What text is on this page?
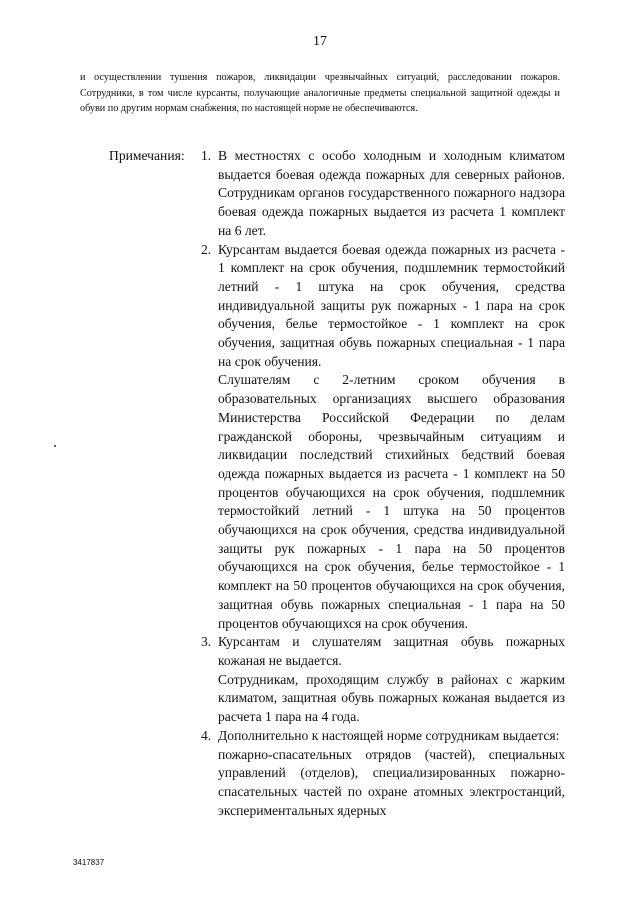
17

и осуществлении тушения пожаров, ликвидации чрезвычайных ситуаций, расследовании пожаров. Сотрудники, в том числе курсанты, получающие аналогичные предметы специальной защитной одежды и обуви по другим нормам снабжения, по настоящей норме не обеспечиваются.

Примечания: 1. В местностях с особо холодным и холодным климатом выдается боевая одежда пожарных для северных районов. Сотрудникам органов государственного пожарного надзора боевая одежда пожарных выдается из расчета 1 комплект на 6 лет.

2. Курсантам выдается боевая одежда пожарных из расчета - 1 комплект на срок обучения, подшлемник термостойкий летний - 1 штука на срок обучения, средства индивидуальной защиты рук пожарных - 1 пара на срок обучения, белье термостойкое - 1 комплект на срок обучения, защитная обувь пожарных специальная - 1 пара на срок обучения.

Слушателям с 2-летним сроком обучения в образовательных организациях высшего образования Министерства Российской Федерации по делам гражданской обороны, чрезвычайным ситуациям и ликвидации последствий стихийных бедствий боевая одежда пожарных выдается из расчета - 1 комплект на 50 процентов обучающихся на срок обучения, подшлемник термостойкий летний - 1 штука на 50 процентов обучающихся на срок обучения, средства индивидуальной защиты рук пожарных - 1 пара на 50 процентов обучающихся на срок обучения, белье термостойкое - 1 комплект на 50 процентов обучающихся на срок обучения, защитная обувь пожарных специальная - 1 пара на 50 процентов обучающихся на срок обучения.

3. Курсантам и слушателям защитная обувь пожарных кожаная не выдается.

Сотрудникам, проходящим службу в районах с жарким климатом, защитная обувь пожарных кожаная выдается из расчета 1 пара на 4 года.

4. Дополнительно к настоящей норме сотрудникам выдается:

пожарно-спасательных отрядов (частей), специальных управлений (отделов), специализированных пожарно-спасательных частей по охране атомных электростанций, экспериментальных ядерных

3417837
